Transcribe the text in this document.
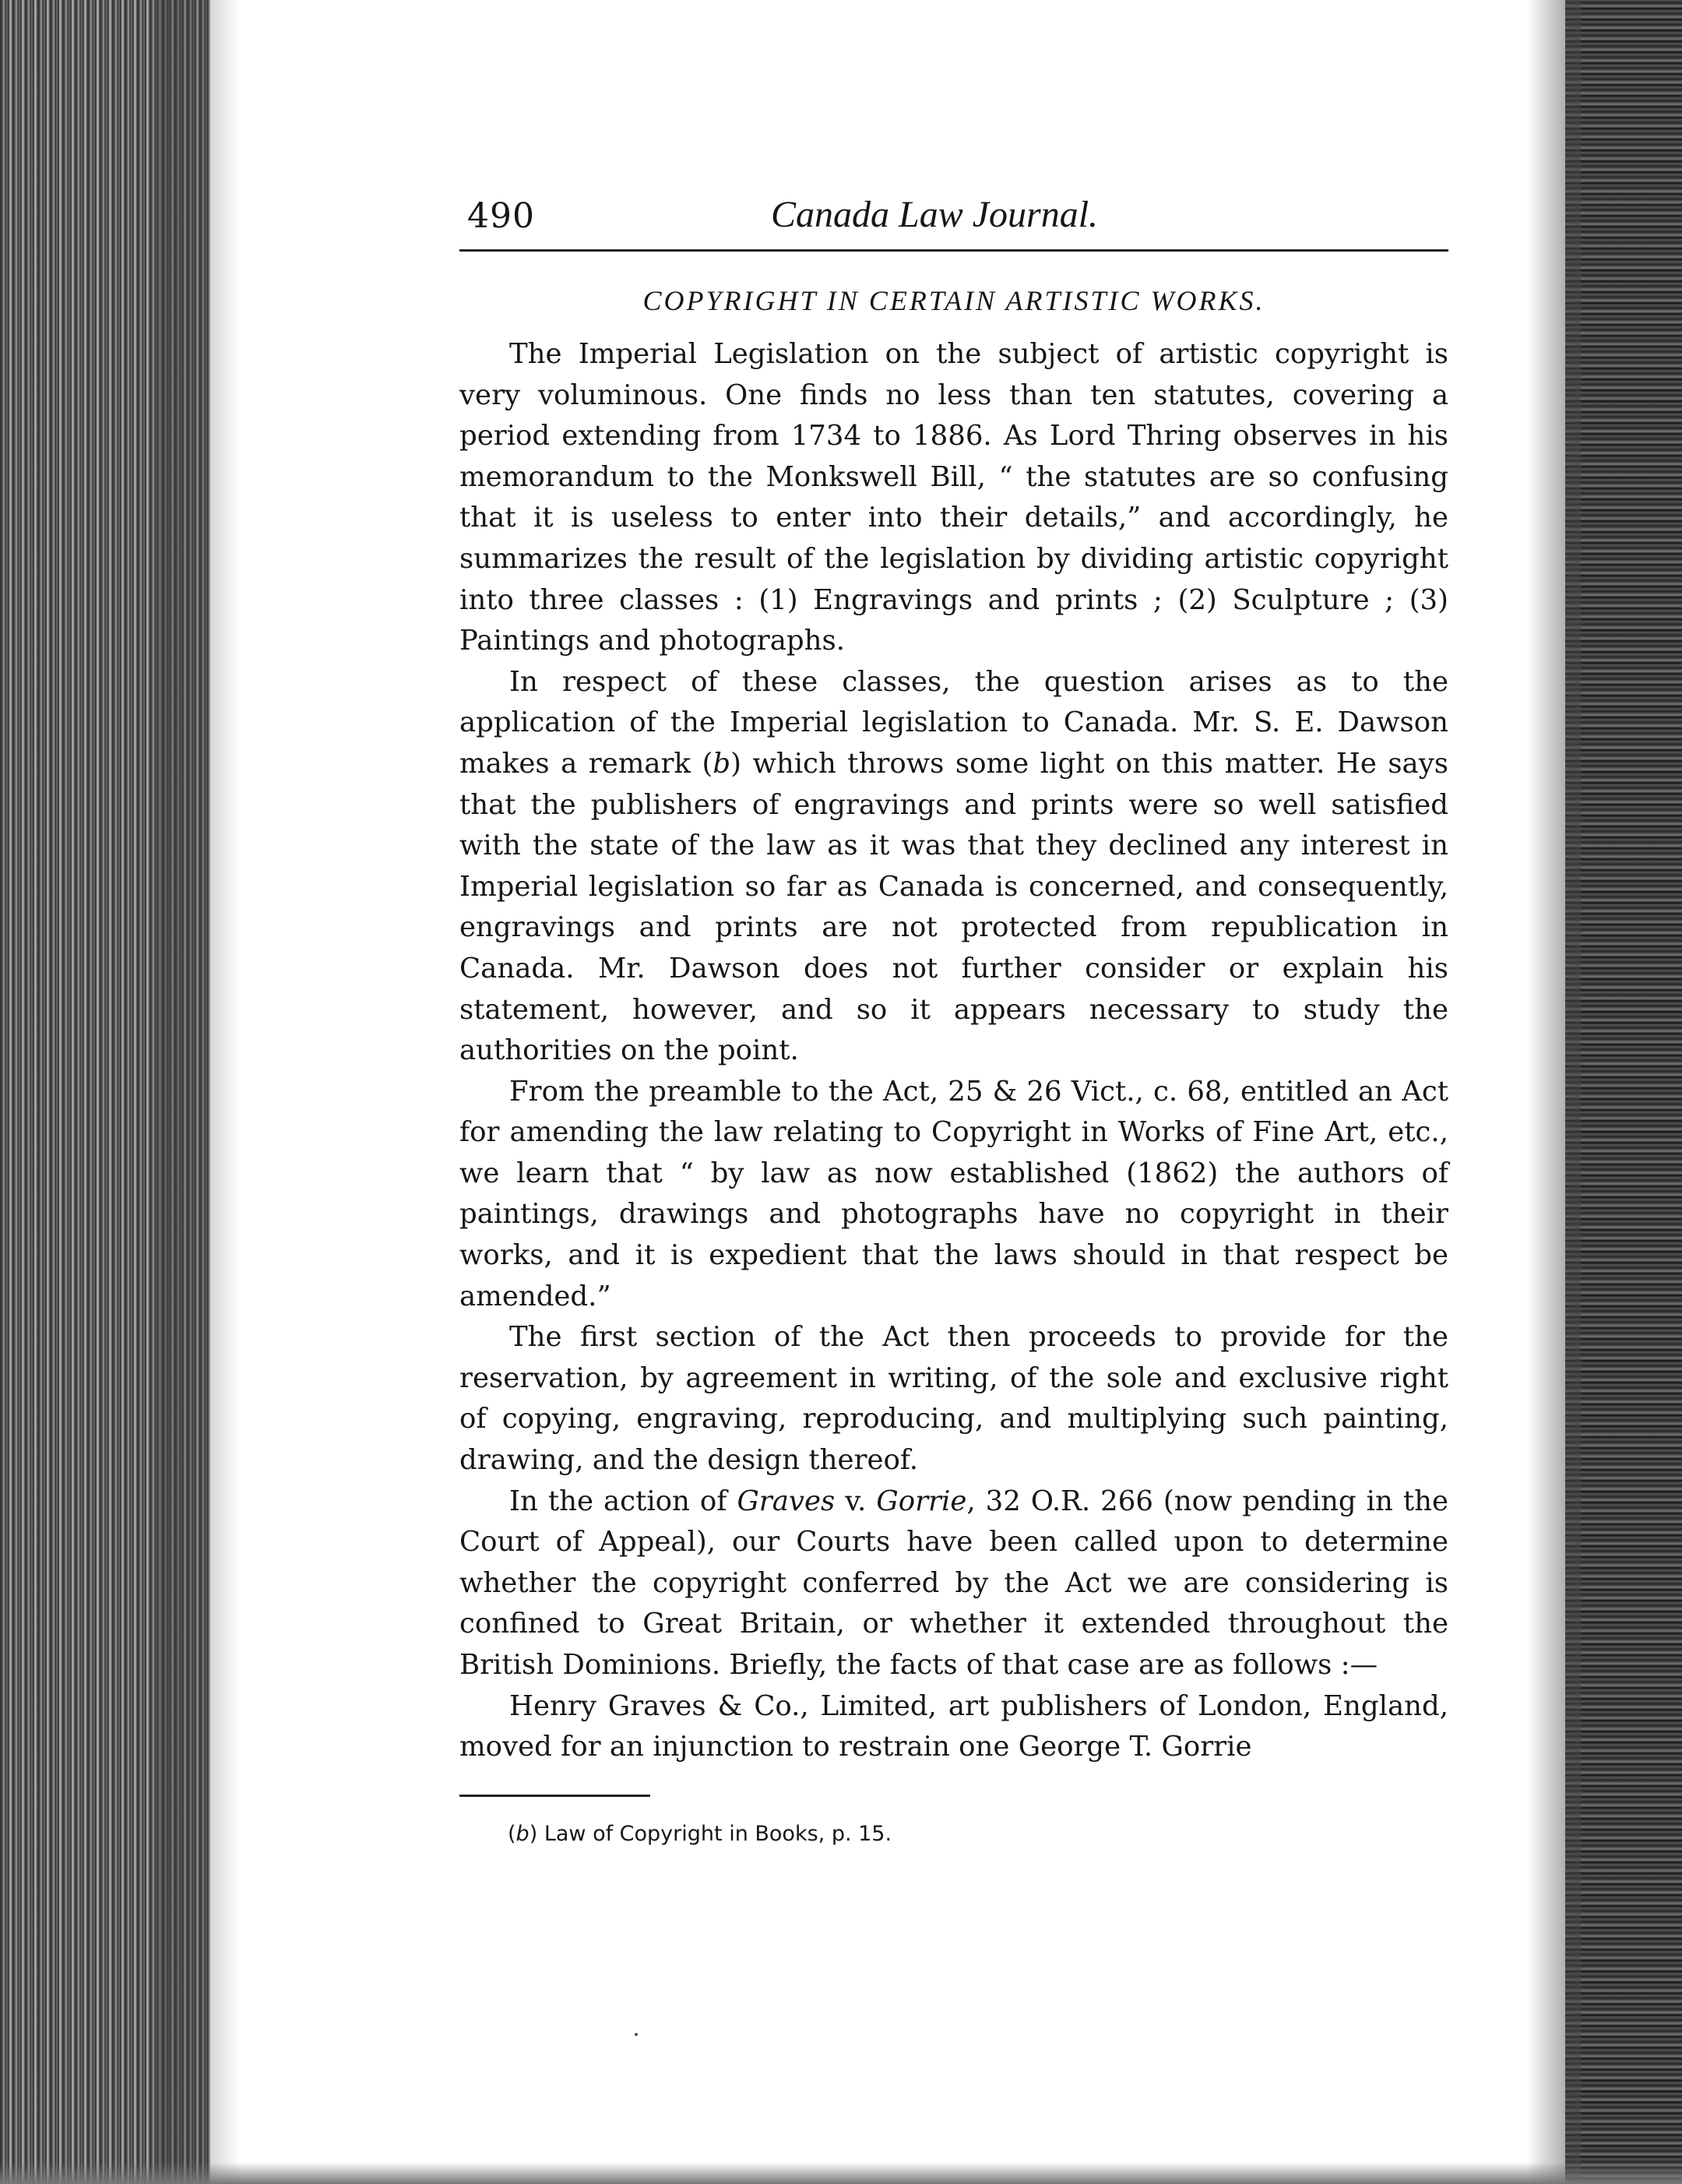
490	Canada Law Journal.
COPYRIGHT IN CERTAIN ARTISTIC WORKS.

The Imperial Legislation on the subject of artistic copyright is very voluminous. One finds no less than ten statutes, covering a period extending from 1734 to 1886. As Lord Thring observes in his memorandum to the Monkswell Bill, “ the statutes are so confusing that it is useless to enter into their details,” and accordingly, he summarizes the result of the legislation by dividing artistic copyright into three classes : (1) Engravings and prints ; (2) Sculpture ; (3) Paintings and photographs.

In respect of these classes, the question arises as to the application of the Imperial legislation to Canada. Mr. S. E. Dawson makes a remark (b) which throws some light on this matter. He says that the publishers of engravings and prints were so well satisfied with the state of the law as it was that they declined any interest in Imperial legislation so far as Canada is concerned, and consequently, engravings and prints are not protected from republication in Canada. Mr. Dawson does not further consider or explain his statement, however, and so it appears necessary to study the authorities on the point.

From the preamble to the Act, 25 & 26 Vict., c. 68, entitled an Act for amending the law relating to Copyright in Works of Fine Art, etc., we learn that “ by law as now established (1862) the authors of paintings, drawings and photographs have no copyright in their works, and it is expedient that the laws should in that respect be amended.”

The first section of the Act then proceeds to provide for the reservation, by agreement in writing, of the sole and exclusive right of copying, engraving, reproducing, and multiplying such painting, drawing, and the design thereof.

In the action of Graves v. Gorrie, 32 O.R. 266 (now pending in the Court of Appeal), our Courts have been called upon to determine whether the copyright conferred by the Act we are considering is confined to Great Britain, or whether it extended throughout the British Dominions. Briefly, the facts of that case are as follows :—

Henry Graves & Co., Limited, art publishers of London, England, moved for an injunction to restrain one George T. Gorrie

(b) Law of Copyright in Books, p. 15.
